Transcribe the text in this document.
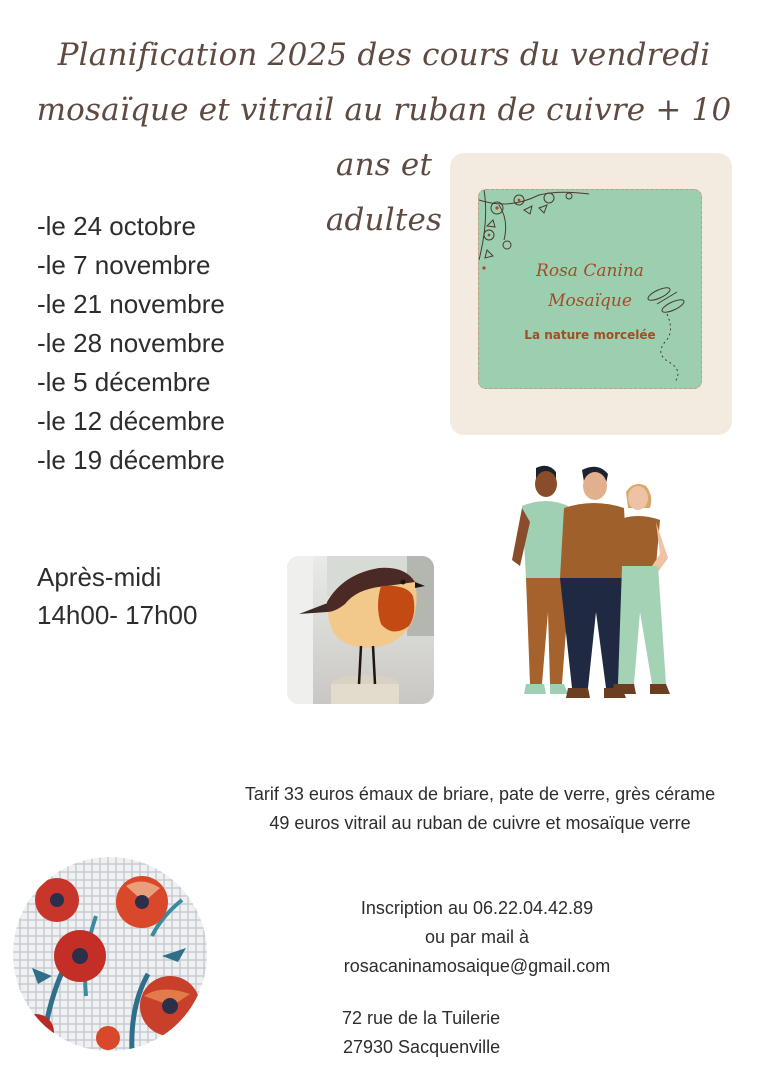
Planification 2025 des cours du vendredi
mosaïque et vitrail au ruban de cuivre + 10 ans et
adultes
-le 24 octobre
-le 7 novembre
-le 21 novembre
-le 28 novembre
-le 5 décembre
-le 12 décembre
-le 19 décembre
Rosa Canina
Mosaïque
La nature morcelée
Après-midi
14h00- 17h00
Tarif 33 euros émaux de briare, pate de verre, grès cérame
49 euros vitrail au ruban de cuivre et mosaïque verre
Inscription au 06.22.04.42.89
ou par mail à
rosacaninamosaique@gmail.com
72 rue de la Tuilerie
27930 Sacquenville
